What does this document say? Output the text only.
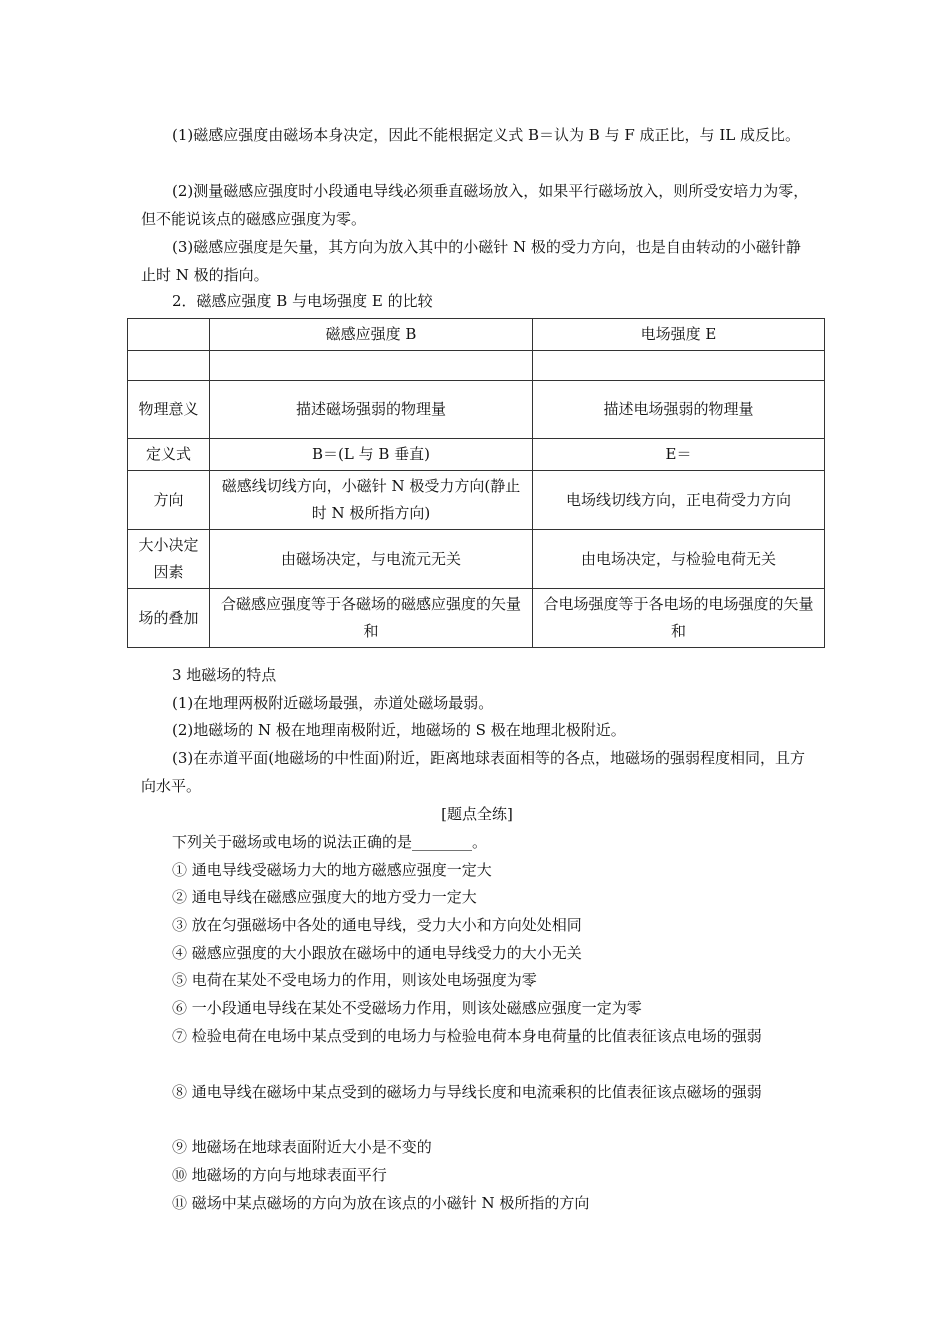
(1)磁感应强度由磁场本身决定，因此不能根据定义式 B＝认为 B 与 F 成正比，与 IL 成反比。

(2)测量磁感应强度时小段通电导线必须垂直磁场放入，如果平行磁场放入，则所受安培力为零，但不能说该点的磁感应强度为零。

(3)磁感应强度是矢量，其方向为放入其中的小磁针 N 极的受力方向，也是自由转动的小磁针静止时 N 极的指向。

2．磁感应强度 B 与电场强度 E 的比较

	磁感应强度 B	电场强度 E

物理意义	描述磁场强弱的物理量	描述电场强弱的物理量
定义式	B＝(L 与 B 垂直)	E＝
方向	磁感线切线方向，小磁针 N 极受力方向(静止时 N 极所指方向)	电场线切线方向，正电荷受力方向
大小决定因素	由磁场决定，与电流元无关	由电场决定，与检验电荷无关
场的叠加	合磁感应强度等于各磁场的磁感应强度的矢量和	合电场强度等于各电场的电场强度的矢量和

3 地磁场的特点

(1)在地理两极附近磁场最强，赤道处磁场最弱。

(2)地磁场的 N 极在地理南极附近，地磁场的 S 极在地理北极附近。

(3)在赤道平面(地磁场的中性面)附近，距离地球表面相等的各点，地磁场的强弱程度相同，且方向水平。

[题点全练]

下列关于磁场或电场的说法正确的是________。

① 通电导线受磁场力大的地方磁感应强度一定大

② 通电导线在磁感应强度大的地方受力一定大

③ 放在匀强磁场中各处的通电导线，受力大小和方向处处相同

④ 磁感应强度的大小跟放在磁场中的通电导线受力的大小无关

⑤ 电荷在某处不受电场力的作用，则该处电场强度为零

⑥ 一小段通电导线在某处不受磁场力作用，则该处磁感应强度一定为零

⑦ 检验电荷在电场中某点受到的电场力与检验电荷本身电荷量的比值表征该点电场的强弱

⑧ 通电导线在磁场中某点受到的磁场力与导线长度和电流乘积的比值表征该点磁场的强弱

⑨ 地磁场在地球表面附近大小是不变的

⑩ 地磁场的方向与地球表面平行

⑪ 磁场中某点磁场的方向为放在该点的小磁针 N 极所指的方向
